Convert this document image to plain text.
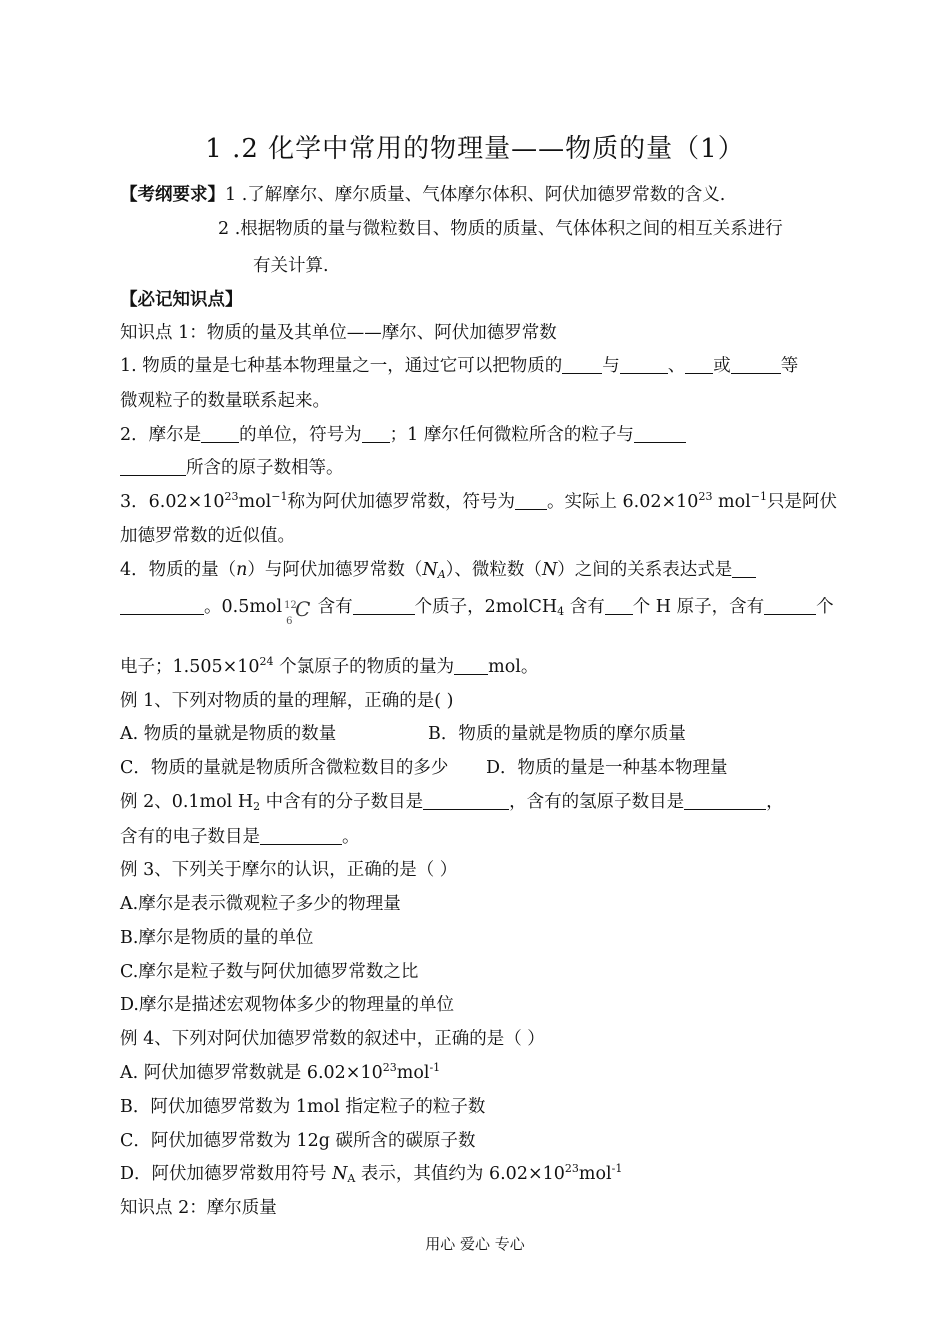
1 .2 化学中常用的物理量——物质的量（1）
【考纲要求】1 .了解摩尔、摩尔质量、气体摩尔体积、阿伏加德罗常数的含义.
2 .根据物质的量与微粒数目、物质的质量、气体体积之间的相互关系进行
有关计算.
【必记知识点】
知识点 1：物质的量及其单位——摩尔、阿伏加德罗常数
1. 物质的量是七种基本物理量之一，通过它可以把物质的 与	、 或	等
微观粒子的数量联系起来。
2．摩尔是 的单位，符号为 ；1 摩尔任何微粒所含的粒子与
所含的原子数相等。
3．$6.02\times 10^{23}mol^{-1}$称为阿伏加德罗常数，符号为 。实际上 $6.02\times 10^{23}$ mol$^{-1}$只是阿伏
加德罗常数的近似值。
4．物质的量（n）与阿伏加德罗常数$(N_A)$、微粒数（N）之间的关系表达式是
。0.5mol 12
6
C 含有	个质子，2molCH$_4$ 含有 个 H 原子，含有	个
电子；$1.505\times 10^{24}$ 个氯原子的物质的量为 mol。
例 1、下列对物质的量的理解，正确的是( )
A. 物质的量就是物质的数量	B．物质的量就是物质的摩尔质量
C．物质的量就是物质所含微粒数目的多少 D．物质的量是一种基本物理量
例 2、0.1mol $H_2$ 中含有的分子数目是	，含有的氢原子数目是	，
含有的电子数目是	。
例 3、下列关于摩尔的认识，正确的是（ ）
A.摩尔是表示微观粒子多少的物理量
B.摩尔是物质的量的单位
C.摩尔是粒子数与阿伏加德罗常数之比
D.摩尔是描述宏观物体多少的物理量的单位
例 4、下列对阿伏加德罗常数的叙述中，正确的是（ ）
A. 阿伏加德罗常数就是 $6.02\times 10^{23}mol^{-1}$
B．阿伏加德罗常数为 1mol 指定粒子的粒子数
C．阿伏加德罗常数为 12g 碳所含的碳原子数
D．阿伏加德罗常数用符号 $N_A$ 表示，其值约为 $6.02\times 10^{23}mol^{-1}$
知识点 2：摩尔质量
用心 爱心 专心
